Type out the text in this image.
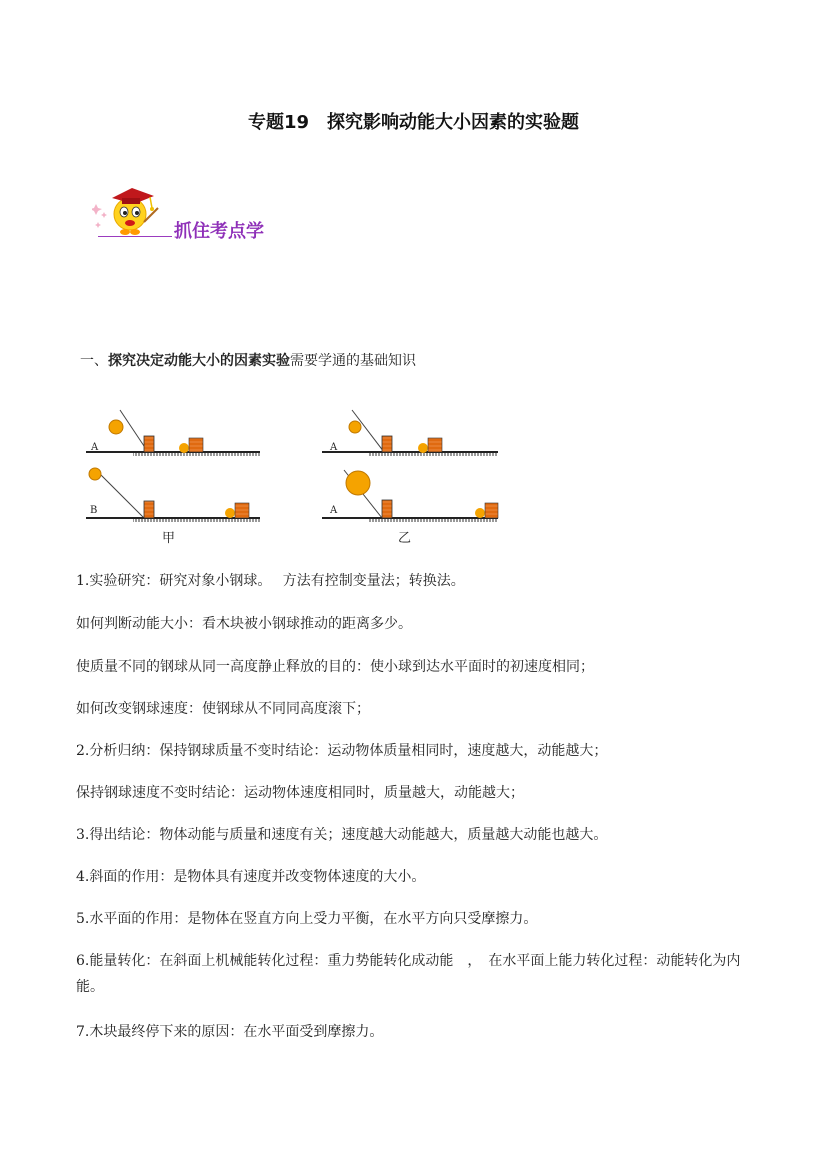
专题19　探究影响动能大小因素的实验题
抓住考点学
一、探究决定动能大小的因素实验需要学通的基础知识
A
B
A
A
甲	乙
1.实验研究：研究对象小钢球。　 方法有控制变量法；转换法。
如何判断动能大小：看木块被小钢球推动的距离多少。
使质量不同的钢球从同一高度静止释放的目的：使小球到达水平面时的初速度相同；
如何改变钢球速度：使钢球从不同同高度滚下；
2.分析归纳：保持钢球质量不变时结论：运动物体质量相同时，速度越大，动能越大；
保持钢球速度不变时结论：运动物体速度相同时，质量越大，动能越大；
3.得出结论：物体动能与质量和速度有关；速度越大动能越大，质量越大动能也越大。
4.斜面的作用：是物体具有速度并改变物体速度的大小。
5.水平面的作用：是物体在竖直方向上受力平衡，在水平方向只受摩擦力。
6.能量转化：在斜面上机械能转化过程：重力势能转化成动能　，　在水平面上能力转化过程：动能转化为内能。
7.木块最终停下来的原因：在水平面受到摩擦力。
